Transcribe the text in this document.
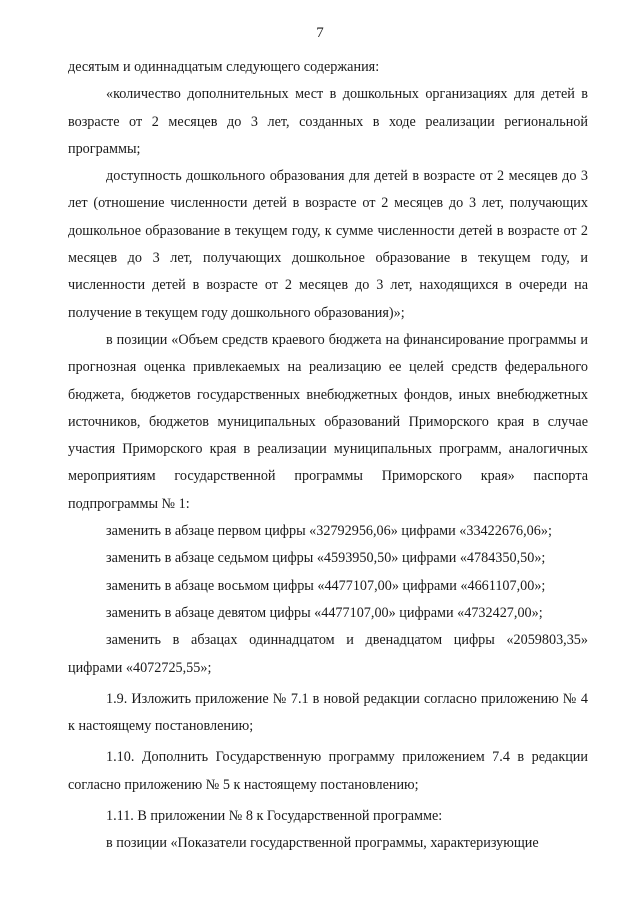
7

десятым и одиннадцатым следующего содержания:

«количество дополнительных мест в дошкольных организациях для детей в возрасте от 2 месяцев до 3 лет, созданных в ходе реализации региональной программы;

доступность дошкольного образования для детей в возрасте от 2 месяцев до 3 лет (отношение численности детей в возрасте от 2 месяцев до 3 лет, получающих дошкольное образование в текущем году, к сумме численности детей в возрасте от 2 месяцев до 3 лет, получающих дошкольное образование в текущем году, и численности детей в возрасте от 2 месяцев до 3 лет, находящихся в очереди на получение в текущем году дошкольного образования)»;

в позиции «Объем средств краевого бюджета на финансирование программы и прогнозная оценка привлекаемых на реализацию ее целей средств федерального бюджета, бюджетов государственных внебюджетных фондов, иных внебюджетных источников, бюджетов муниципальных образований Приморского края в случае участия Приморского края в реализации муниципальных программ, аналогичных мероприятиям государственной программы Приморского края» паспорта подпрограммы № 1:

заменить в абзаце первом цифры «32792956,06» цифрами «33422676,06»;

заменить в абзаце седьмом цифры «4593950,50» цифрами «4784350,50»;

заменить в абзаце восьмом цифры «4477107,00» цифрами «4661107,00»;

заменить в абзаце девятом цифры «4477107,00» цифрами «4732427,00»;

заменить в абзацах одиннадцатом и двенадцатом цифры «2059803,35» цифрами «4072725,55»;

1.9. Изложить приложение № 7.1 в новой редакции согласно приложению № 4 к настоящему постановлению;

1.10. Дополнить Государственную программу приложением 7.4 в редакции согласно приложению № 5 к настоящему постановлению;

1.11. В приложении № 8 к Государственной программе:

в позиции «Показатели государственной программы, характеризующие
